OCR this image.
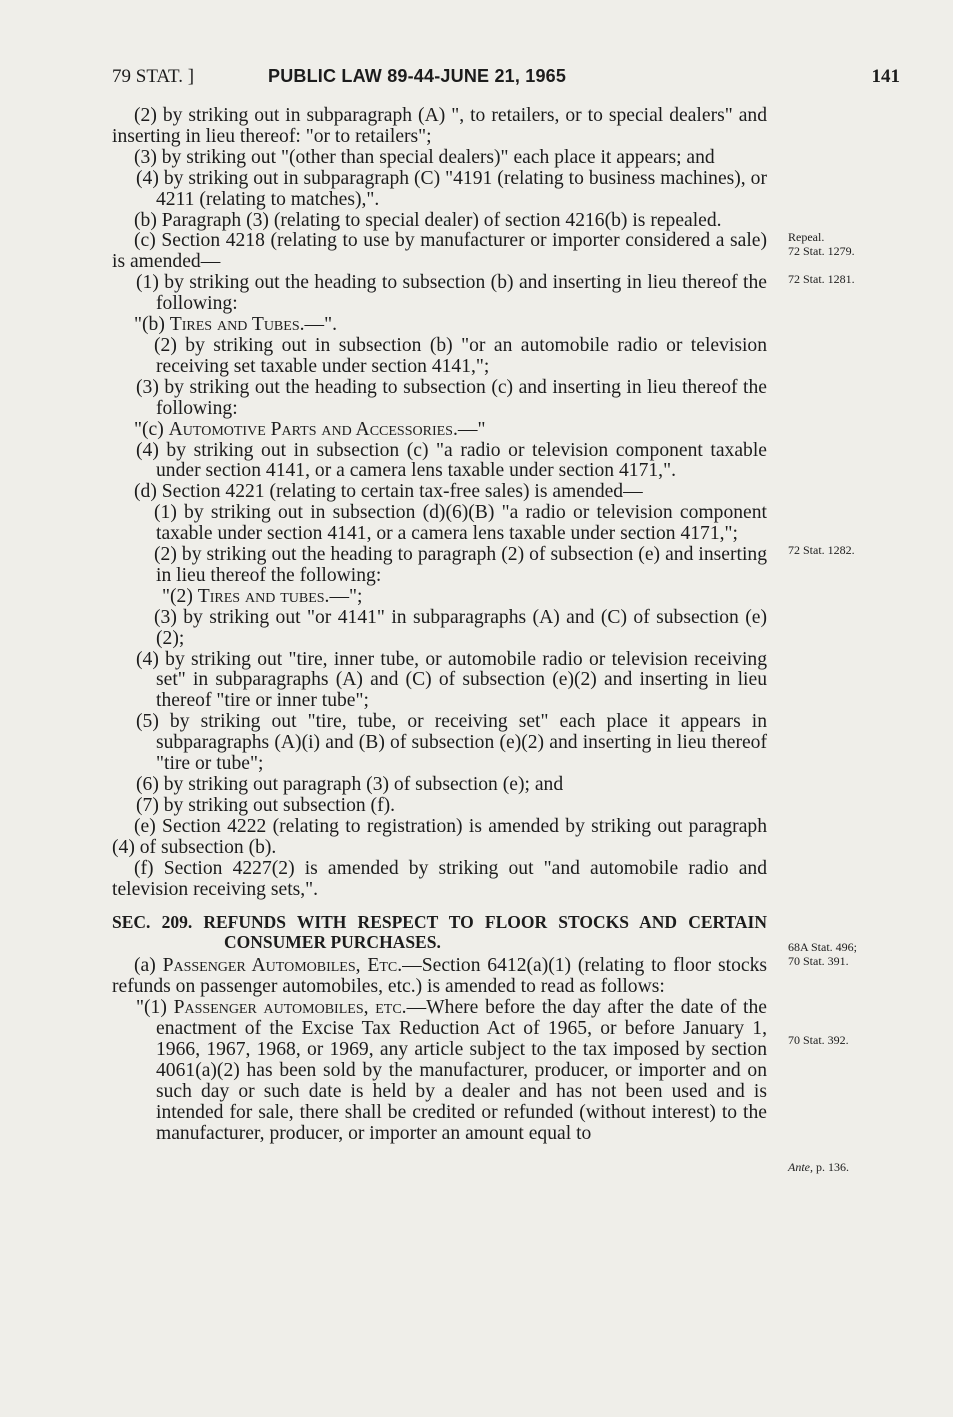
79 STAT. ]	PUBLIC LAW 89-44-JUNE 21, 1965	141

(2) by striking out in subparagraph (A) ", to retailers, or to special dealers" and inserting in lieu thereof: "or to retailers";

(3) by striking out "(other than special dealers)" each place it appears; and

(4) by striking out in subparagraph (C) "4191 (relating to business machines), or 4211 (relating to matches),".

(b) Paragraph (3) (relating to special dealer) of section 4216(b) is repealed.

(c) Section 4218 (relating to use by manufacturer or importer considered a sale) is amended—

(1) by striking out the heading to subsection (b) and inserting in lieu thereof the following:

"(b) Tires and Tubes.—".

(2) by striking out in subsection (b) "or an automobile radio or television receiving set taxable under section 4141,";

(3) by striking out the heading to subsection (c) and inserting in lieu thereof the following:

"(c) Automotive Parts and Accessories.—"

(4) by striking out in subsection (c) "a radio or television component taxable under section 4141, or a camera lens taxable under section 4171,".

(d) Section 4221 (relating to certain tax-free sales) is amended—

(1) by striking out in subsection (d)(6)(B) "a radio or television component taxable under section 4141, or a camera lens taxable under section 4171,";

(2) by striking out the heading to paragraph (2) of subsection (e) and inserting in lieu thereof the following:

"(2) Tires and tubes.—";

(3) by striking out "or 4141" in subparagraphs (A) and (C) of subsection (e)(2);

(4) by striking out "tire, inner tube, or automobile radio or television receiving set" in subparagraphs (A) and (C) of subsection (e)(2) and inserting in lieu thereof "tire or inner tube";

(5) by striking out "tire, tube, or receiving set" each place it appears in subparagraphs (A)(i) and (B) of subsection (e)(2) and inserting in lieu thereof "tire or tube";

(6) by striking out paragraph (3) of subsection (e); and

(7) by striking out subsection (f).

(e) Section 4222 (relating to registration) is amended by striking out paragraph (4) of subsection (b).

(f) Section 4227(2) is amended by striking out "and automobile radio and television receiving sets,".

SEC. 209. REFUNDS WITH RESPECT TO FLOOR STOCKS AND CERTAIN CONSUMER PURCHASES.

(a) Passenger Automobiles, Etc.—Section 6412(a)(1) (relating to floor stocks refunds on passenger automobiles, etc.) is amended to read as follows:

"(1) Passenger automobiles, etc.—Where before the day after the date of the enactment of the Excise Tax Reduction Act of 1965, or before January 1, 1966, 1967, 1968, or 1969, any article subject to the tax imposed by section 4061(a)(2) has been sold by the manufacturer, producer, or importer and on such day or such date is held by a dealer and has not been used and is intended for sale, there shall be credited or refunded (without interest) to the manufacturer, producer, or importer an amount equal to

Repeal.
72 Stat. 1279.
72 Stat. 1281.
72 Stat. 1282.
68A Stat. 496;
70 Stat. 391.
70 Stat. 392.
Ante, p. 136.
